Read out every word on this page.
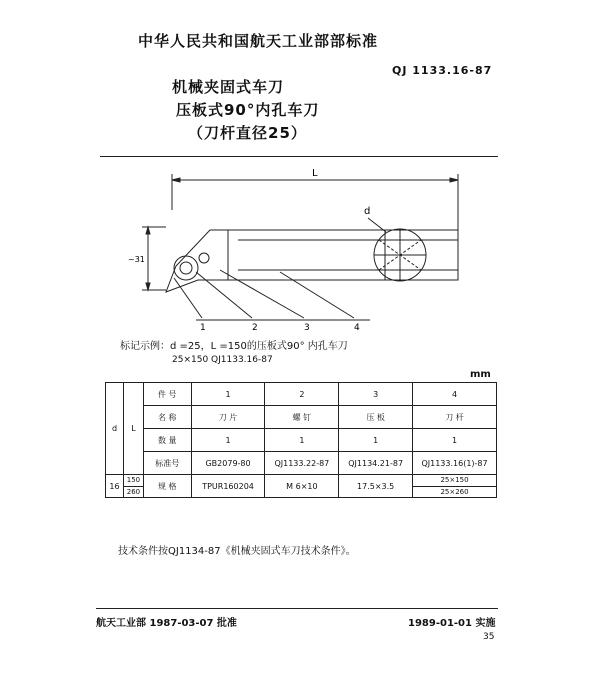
中华人民共和国航天工业部部标准
QJ 1133.16-87
机械夹固式车刀
压板式90°内孔车刀
（刀杆直径25）
L
d
~31
1	2	3	4
标记示例：d =25，L =150的压板式90° 内孔车刀
25×150 QJ1133.16-87
mm
d	L	件 号	1	2	3	4
		名 称	刀 片	螺 钉	压 板	刀 杆
		数 量	1	1	1	1
		标准号	GB2079-80	QJ1133.22-87	QJ1134.21-87	QJ1133.16(1)-87
16	150	规 格	TPUR160204	M 6×10	17.5×3.5	25×150
	260					25×260
技术条件按QJ1134-87《机械夹固式车刀技术条件》。
航天工业部 1987-03-07 批准	1989-01-01 实施
35
